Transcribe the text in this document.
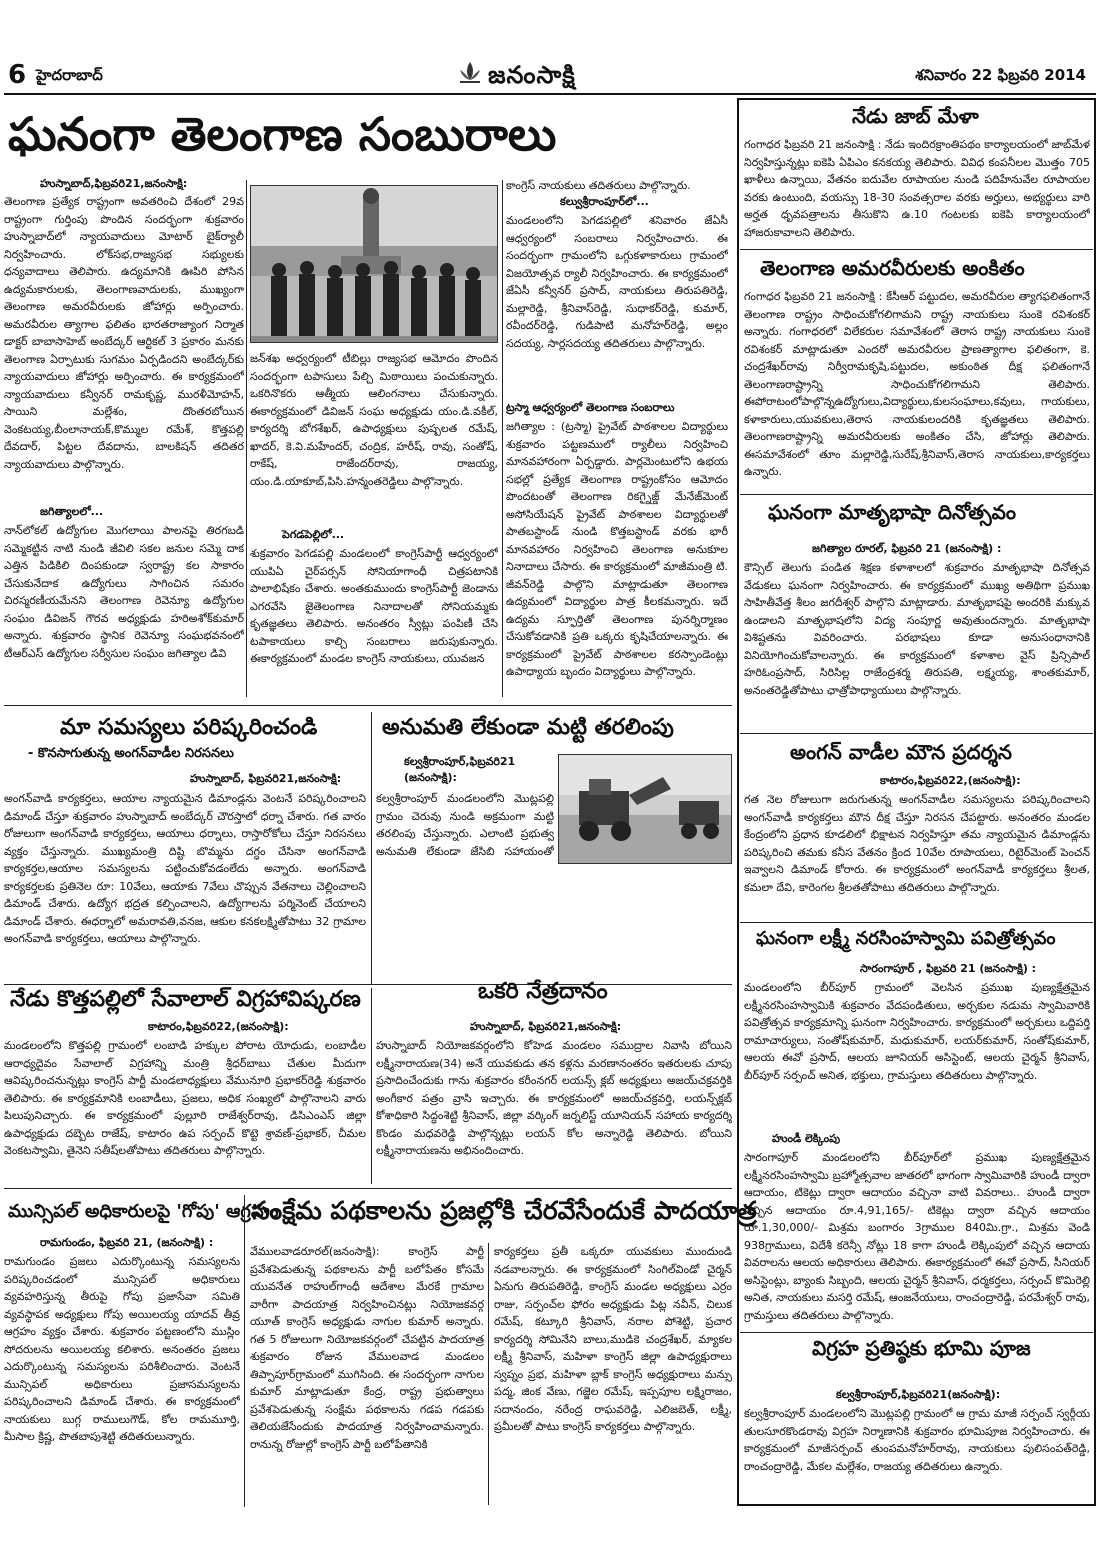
6 హైదరాబాద్	జనంసాక్షి	శనివారం 22 ఫిబ్రవరి 2014
ఘనంగా తెలంగాణ సంబురాలు
హుస్నాబాద్,ఫిబ్రవరి21,జనంసాక్షి:
తెలంగాణ ప్రత్యేక రాష్ట్రంగా అవతరించి దేశంలో 29వ రాష్ట్రంగా గుర్తింపు పొందిన సందర్భంగా శుక్రవారం హుస్నాబాద్‌లో న్యాయవాదులు మోటార్ బైక్‌ర్యాలీ నిర్వహించారు. లోక్‌సభ,రాజ్యసభ సభ్యులకు ధన్యవాదాలు తెలిపారు. ఉద్యమానికి ఊపిరి పోసిన ఉద్యమకారులకు, తెలంగాణవాదులకు, ముఖ్యంగా తెలంగాణ అమరవీరులకు జోహార్లు అర్పించారు. అమరవీరుల త్యాగాల ఫలితం భారతరాజ్యాంగ నిర్మాత డాక్టర్ బాబాసాహెబ్ అంబేద్కర్ ఆర్టికల్ 3 ప్రకారం మనకు తెలంగాణ ఏర్పాటుకు సుగమం ఏర్పడిందని అంబేద్కర్‌కు న్యాయవాదులు జోహార్లు అర్పించారు. ఈ కార్యక్రమంలో న్యాయవాదులు కన్వీనర్ రామకృష్ణ, మురళీమోహన్, సాయిని మల్లేశం, దొంతరబోయిన వెంకటయ్య,బీంలానాయక్,కొమ్ముల రమేశ్, కొత్తపల్లి దేవదార్, పిట్టల దేవదాను, బాలకిషన్ తదితర న్యాయవాదులు పాల్గొన్నారు.
జగిత్యాలలో...
నాన్‌లోకల్ ఉద్యోగుల మొగలాయి పాలనపై తిరగబడి సమ్మెకట్టిన నాటి నుండి జీవిలి సకల జనుల సమ్మె దాక ఎత్తిన పిడికిలి దింపకుండా స్వరాష్ట్ర కల సాకారం చేసుకునేదాక ఉద్యోగులు సాగించిన సమరం చిరస్మరణీయమేనని తెలంగాణ రెవెన్యూ ఉద్యోగుల సంఘం డివిజన్ గౌరవ అధ్యక్షుడు హరిఅశోక్‌కుమార్ అన్నారు. శుక్రవారం స్థానిక రెవెన్యూ సంఘభవనంలో టీఆర్ఎస్ ఉద్యోగుల సర్వీసుల సంఘం జగిత్యాల డివి
జన్‌శఖ అధ్వర్యంలో టీబిల్లు రాజ్యసభ ఆమోదం పొందిన సందర్భంగా టపాసులు పేల్చి మిఠాయిలు పంచుకున్నారు. ఒకరినొకరు ఆత్మీయ ఆలింగనాలు చేసుకున్నారు. ఈకార్యక్రమంలో డివిజన్ సంఘ అధ్యక్షుడు యం.డి.వకీల్, కార్యదర్శి బోగశేఖర్, ఉపాధ్యక్షులు పుష్పలత రమేష్, ఖాదర్, కె.వి.మహేందర్, చంద్రిక, హరీష్, రావు, సంతోష్, రాకేష్, రాజేందర్‌రావు, రాజయ్య, యం.డి.యాకూబ్,పిసి.హన్మంతరెడ్డిలు పాల్గొన్నారు.
పెగడపెల్లిలో...
శుక్రవారం పెగడపల్లి మండలంలో కాంగ్రెస్‌పార్టీ ఆధ్వర్యంలో యుపిఏ చైర్‌పర్సన్ సోనియాగాంధీ చిత్రపటానికి పాలాభిషేకం చేశారు. అంతకుముందు కాంగ్రెస్‌పార్టీ జెండాను ఎగరవేసి జైతెలంగాణ నినాదాలతో సోనియమ్మకు కృతజ్ఞతలు తెలిపారు. అనంతరం స్వీట్లు పంపిణీ చేసి టపాకాయలు కాల్చి సంబరాలు జరుపుకున్నారు. ఈకార్యక్రమంలో మండల కాంగ్రెస్ నాయకులు, యువజన
కాంగ్రెస్ నాయకులు తదితరులు పాల్గొన్నారు.
కల్వుశ్రీరాంపూర్‌లో...
మండలంలోని పెగడపల్లిలో శనివారం జేఏసీ ఆధ్వర్యంలో సంబరాలు నిర్వహించారు. ఈ సందర్భంగా గ్రామంలోని ఒగ్గుకళాకారులు గ్రామంలో విజయోత్సవ ర్యాలీ నిర్వహించారు. ఈ కార్యక్రమంలో జేఏసీ కన్వీనర్ ప్రసాద్, నాయకులు తిరుపతిరెడ్డి, మల్లారెడ్డి, శ్రీనివాస్‌రెడ్డి, సుధాకర్‌రెడ్డి, కుమార్, రవీందర్‌రెడ్డి, గుడిపాటి మనోహర్‌రెడ్డి, అల్లం సదయ్య, సార్లసదయ్య తదితరులు పాల్గొన్నారు.
ట్రస్మా ఆధ్వర్యంలో తెలంగాణ సంబరాలు
జగిత్యాల : (ట్రస్మా) ప్రైవేట్ పాఠశాలల విద్యార్థులు శుక్రవారం పట్టణములో ర్యాలీలు నిర్వహించి మానవహారంగా ఏర్పడ్డారు. పార్లమెంటులోని ఉభయ సభల్లో ప్రత్యేక తెలంగాణ రాష్ట్రంకోసం ఆమోదం పొందటంతో తెలంగాణ రికగ్నైజ్డ్ మేనేజ్‌మెంట్ అసోసియేషన్ ప్రైవేట్ పాఠశాలల విద్యార్థులతో పాతబస్టాండ్ నుండి కొత్తబస్టాండ్ వరకు భారీ మానవహారం నిర్వహించి తెలంగాణ అనుకూల నినాదాలు చేసారు. ఈ కార్యక్రమంలో మాజీమంత్రి టి. జీవన్‌రెడ్డి పాల్గొని మాట్లాడుతూ తెలంగాణ ఉద్యమంలో విద్యార్థుల పాత్ర కీలకమన్నారు. ఇదే ఉద్యమ స్ఫూర్తితో తెలంగాణ పునర్నిర్మాణం చేసుకోవడానికి ప్రతి ఒక్కరు కృషిచేయాలన్నారు. ఈ కార్యక్రమంలో ప్రైవేట్ పాఠశాలల కరస్పాండెంట్లు ఉపాధ్యాయ బృందం విద్యార్థులు పాల్గొన్నారు.
మా సమస్యలు పరిష్కరించండి
- కొనసాగుతున్న అంగన్‌వాడీల నిరసనలు
హుస్నాబాద్, ఫిబ్రవరి21,జనంసాక్షి:
అంగన్‌వాడి కార్యకర్తలు, ఆయాల న్యాయమైన డిమాండ్లను వెంటనే పరిష్కరించాలని డిమాండ్ చేస్తూ శుక్రవారం హుస్నాబాద్ అంబేద్కర్ చౌరస్తాలో ధర్నా చేశారు. గత వారం రోజులుగా అంగన్‌వాడి కార్యకర్తలు, ఆయాలు ధర్నాలు, రాస్తారోకోలు చేస్తూ నిరసనలు వ్యక్తం చేస్తున్నారు. ముఖ్యమంత్రి దిష్టి బొమ్మను దగ్ధం చేసినా అంగన్‌వాడి కార్యకర్తల,ఆయాల సమస్యలను పట్టించుకోవడంలేదు అన్నారు. అంగన్‌వాడి కార్యకర్తలకు ప్రతినెల రూ: 10వేలు, ఆయాకు 7వేలు చొప్పున వేతనాలు చెల్లించాలని డిమాండ్ చేశారు. ఉద్యోగ భద్రత కల్పించాలని, ఉద్యోగాలను పర్మినెంట్ చేయాలని డిమాండ్ చేశారు. ఈధర్నాలో అమరావతి,వనజ, ఆకుల కనకలక్ష్మితోపాటు 32 గ్రామాల అంగన్‌వాడి కార్యకర్తలు, ఆయాలు పాల్గొన్నారు.
అనుమతి లేకుండా మట్టి తరలింపు
కల్వశ్రీరాంపూర్,ఫిబ్రవరి21 (జనంసాక్షి):
కల్వశ్రీరాంపూర్ మండలంలోని మొట్లపల్లి గ్రామం చెరువు నుండి అక్రమంగా మట్టి తరలింపు చేస్తున్నారు. ఎలాంటి ప్రభుత్వ అనుమతి లేకుండా జేసిబి సహాయంతో
నేడు కొత్తపల్లిలో సేవాలాల్ విగ్రహావిష్కరణ
కాటారం,ఫిబ్రవరి22,(జనంసాక్షి):
మండలంలోని కొత్తపల్లి గ్రామంలో లంబాడి హక్కుల పోరాట యోధుడు, లంబాడీల ఆరాధ్యదైవం సేవాలాల్ విగ్రహాన్ని మంత్రి శ్రీధర్‌బాబు చేతుల మీదుగా ఆవిష్కరించనున్నట్లు కాంగ్రెస్ పార్టీ మండలాధ్యక్షులు వేమునూరి ప్రభాకర్‌రెడ్డి శుక్రవారం తెలిపారు. ఈ కార్యక్రమానికి లంబాడీలు, ప్రజలు, అధిక సంఖ్యలో పాల్గొనాలని వారు పిలుపునిచ్చారు. ఈ కార్యక్రమంలో పుల్లూరి రాజేశ్వర్‌రావు, డిసిఎంఎస్ జిల్లా ఉపాధ్యక్షుడు దబ్బెట రాజేష్, కాటారం ఉప సర్పంచ్ కొట్టె శ్రావణ్-ప్రభాకర్, చీమల వెంకటస్వామి, తైనెని సతీష్‌లతోపాటు తదితరులు పాల్గొన్నారు.
ఒకరి నేత్రదానం
హుస్నాబాద్, ఫిబ్రవరి21,జనంసాక్షి:
హుస్నాబాద్ నియోజకవర్గంలోని కోహెడ మండలం సముద్రాల నివాసి బోయిని లక్ష్మీనారాయణ(34) అనే యువకుడు తన కళ్లను మరణానంతరం ఇతరులకు చూపు ప్రసాదించేందుకు గాను శుక్రవారం కరీంనగర్ లయన్స్ క్లబ్ అధ్యక్షులు అజయ్‌చక్రవర్తికి అంగీకార పత్రం వ్రాసి ఇచ్చారు. ఈ కార్యక్రమంలో అజయ్‌చక్రవర్తి, లయన్స్‌క్లబ్ కోశాధికారి సిద్ధంశెట్టి శ్రీనివాస్, జిల్లా వర్కింగ్ జర్నలిస్ట్ యూనియన్ సహాయ కార్యదర్శి కొండం మధవరెడ్డి పాల్గొన్నట్లు లయన్ కోల అన్నారెడ్డి తెలిపారు. బోయిని లక్ష్మీనారాయణను అభినందించారు.
మున్సిపల్ అధికారులపై 'గోపు' ఆగ్రహం
రామగుండం, ఫిబ్రవరి 21, (జనంసాక్షి) :
రామగుండం ప్రజలు ఎదుర్కొంటున్న సమస్యలను పరిష్కరించడంలో మున్సిపల్ అధికారులు వ్యవహరిస్తున్న తీరుపై గోపు ప్రజాసేవా సమితి వ్యవస్థాపక అధ్యక్షులు గోపు అయిలయ్య యాదవ్ తీవ్ర ఆగ్రహం వ్యక్తం చేశారు. శుక్రవారం పట్టణంలోని ముస్లిం సోదరులను అయిలయ్య కలిశారు. అనంతరం ప్రజలు ఎదుర్కొంటున్న సమస్యలను పరిశీలించారు. వెంటనే మున్సిపల్ అధికారులు ప్రజాసమస్యలను పరిష్కరించాలని డిమాండ్ చేశారు. ఈ కార్యక్రమంలో నాయకులు బుగ్గ రాములుగౌడ్, కోల రామమూర్తి, మీసాల క్రిష్ణ, పొతబాపుశెట్టి తదితరులున్నారు.
సంక్షేమ పథకాలను ప్రజల్లోకి చేరవేసేందుకే పాదయాత్ర
వేములవాడరూరల్(జనంసాక్షి): కాంగ్రెస్ పార్టీ ప్రవేశపెడుతున్న పథకాలను పార్టీ బలోపేతం కోసమే యువనేత రాహుల్‌గాంధీ ఆదేశాల మేరకే గ్రామాల వారీగా పాదయాత్ర నిర్వహించినట్లు నియోజకవర్గ యూత్ కాంగ్రెస్ అధ్యక్షుడు నాగుల కుమార్ అన్నారు. గత 5 రోజులుగా నియోజకవర్గంలో చేపట్టిన పాదయాత్ర శుక్రవారం రోజున వేములవాడ మండలం తిప్పాపూర్‌గ్రామంలో ముగిసింది. ఈ సందర్భంగా నాగుల కుమార్ మాట్లాడుతూ కేంద్ర, రాష్ట్ర ప్రభుత్వాలు ప్రవేశపెడుతున్న సంక్షేమ పథకాలను గడప గడపకు తెలియజేసేందుకు పాదయాత్ర నిర్వహించామన్నారు. రానున్న రోజుల్లో కాంగ్రెస్ పార్టీ బలోపేతానికి
కార్యకర్తలు ప్రతీ ఒక్కరూ యువకులు ముందుండి నడవాలన్నారు. ఈ కార్యక్రమంలో సింగిల్‌విండో చైర్మన్ ఏనుగు తిరుపతిరెడ్డి, కాంగ్రెస్ మండల అధ్యక్షులు ఎర్రం రాజు, సర్పంచ్‌ల ఫోరం అధ్యక్షుడు పిట్ల నవీన్, చిలుక రమేష్, కట్కూరి శ్రీనివాస్, నరాల పోశెట్టి, ప్రచార కార్యదర్శి సోమినేని బాలు,ముడికె చంద్రశేఖర్, మ్యాకల లక్ష్మీ శ్రీనివాస్, మహిళా కాంగ్రెస్ జిల్లా ఉపాధ్యక్షురాలు స్వప్నం ప్రభ, మహిళా బ్లాక్ కాంగ్రెస్ అధ్యక్షురాలు మన్సు పద్మ, జింక వేణు, గజ్జెల రమేష్, ఇప్పపూల లక్ష్మిరాజం, సదానందం, నరేంద్ర రాఘవరెడ్డి, ఎలిజబెత్, లక్ష్మీ, ప్రమీలతో పాటు కాంగ్రెస్ కార్యకర్తలు పాల్గొన్నారు.
నేడు జాబ్ మేళా
గంగాధర ఫిబ్రవరి 21 జనంసాక్షి : నేడు ఇందిరక్రాంతిపథం కార్యాలయంలో జాబ్‌మేళ నిర్వహిస్తున్నట్లు ఐకెపి ఏపిఎం కనకయ్య తెలిపారు. వివిధ కంపనీలల మొత్తం 705 ఖాళీలు ఉన్నాయి, వేతనం ఐదువేల రూపాయల నుండి పదిహేనువేల రూపాయల వరకు ఉంటుంది, వయస్సు 18-30 సంవత్సరాల వరకు అర్హులు, అభ్యర్థులు వారి అర్హత ధృవపత్రాలను తీసుకొని ఉ.10 గంటలకు ఐకెపి కార్యాలయంలో హాజరుకావాలని తెలిపారు.
తెలంగాణ అమరవీరులకు అంకితం
గంగాధర ఫిబ్రవరి 21 జనంసాక్షి : కేసీఆర్ పట్టుదల, అమరవీరుల త్యాగఫలితంగానే తెలంగాణ రాష్ట్రం సాధించుకోగలిగామని రాష్ట్ర నాయకులు సుంకె రవిశంకర్ అన్నారు. గంగాధరలో విలేకరుల సమావేశంలో తెరాస రాష్ట్ర నాయకులు సుంకె రవిశంకర్ మాట్లాడుతూ ఎందరో అమరవీరుల ప్రాణత్యాగాల ఫలితంగా, కె. చంద్రశేఖర్‌రావు నిర్వీరామకృషి,పట్టుదల, అకుంఠిత దీక్ష ఫలితంగానే తెలంగాణరాష్ట్రాన్ని సాధించుకోగలిగామని తెలిపారు. ఈపోరాటంలోపాల్గొన్నఉద్యోగులు,విద్యార్థులు,కులసంఘాలు,కవులు, గాయకులు, కళాకారులు,యువకులు,తెరాస నాయకులందరికి కృతజ్ఞతలు తెలిపారు. తెలంగాణరాష్ట్రాన్ని అమరవీరులకు అంకితం చేసి, జోహార్లు తెలిపారు. ఈసమావేశంలో తూం మల్లారెడ్డి,సురేష్,శ్రీనివాస్,తెరాస నాయకులు,కార్యకర్తలు ఉన్నారు.
ఘనంగా మాతృభాషా దినోత్సవం
జగిత్యాల రూరల్, ఫిబ్రవరి 21 (జనంసాక్షి) :
కౌన్సిల్ తెలుగు పండిత శిక్షణ కళాశాలలో శుక్రవారం మాతృభాషా దినోత్సవ వేడుకలు ఘనంగా నిర్వహించారు. ఈ కార్యక్రమంలో ముఖ్య అతిథిగా ప్రముఖ సాహితీవేత్త శీలం జగదీశ్వర్ పాల్గొని మాట్లాడారు. మాతృభాషపై అందరికి మక్కువ ఉండాలని మాతృభాషలోని విద్య సంపూర్ణ అవుతుందన్నారు. మాతృభాషా విశిష్టతను వివరించారు. పరభాషలు కూడా అనుసంధానానికి వినియోగించుకోవాలన్నారు. ఈ కార్యక్రమంలో కళాశాల వైస్ ప్రిన్సిపాల్ హరి‌ఓంప్రసాద్, సిరిసిల్ల రాజేంద్రశర్మ తిరుపతి, లక్ష్మయ్య, శాంతకుమార్, అనంతరెడ్డితోపాటు ఛాత్రోపాధ్యాయులు పాల్గొన్నారు.
అంగన్ వాడీల మౌన ప్రదర్శన
కాటారం,ఫిబ్రవరి22,(జనంసాక్షి):
గత నెల రోజులుగా జరుగుతున్న అంగన్‌వాడీల సమస్యలను పరిష్కరించాలని అంగన్‌వాడీ కార్యకర్తలు మౌన దీక్ష చేస్తూ నిరసన చేపట్టారు. అనంతరం మండల కేంద్రంలోని ప్రధాన కూడలిలో భిక్షాటన నిర్వహిస్తూ తమ న్యాయమైన డిమాండ్లను పరిష్కరించి తమకు కనీస వేతనం క్రింద 10వేల రూపాయలు, రిటైర్‌మెంట్ పెంచన్ ఇవ్వాలని డిమాండ్ కోరారు. ఈ కార్యక్రమంలో అంగన్‌వాడీ కార్యకర్తలు శ్రీలత, కమలా దేవి, కారెంగల శ్రీలతతోపాటు తదితరులు పాల్గొన్నారు.
ఘనంగా లక్ష్మీ నరసింహస్వామి పవిత్రోత్సవం
సారంగాపూర్ , ఫిబ్రవరి 21 (జనంసాక్షి) :
మండలంలోని బీర్‌పూర్ గ్రామంలో వెలసిన ప్రముఖ పుణ్యక్షేత్రమైన లక్ష్మీనరసింహస్వామికి శుక్రవారం వేదపండితులు, అర్చకుల నడుమ స్వామివారికి పవిత్రోత్సవ కార్యక్రమాన్ని ఘనంగా నిర్వహించారు. కార్యక్రమంలో అర్చకులు ఒద్దిపర్తి రామాచార్యులు, సంతోష్‌కుమార్, మధుకుమార్, లయర్‌కుమార్, సంతోష్‌కుమార్, ఆలయ ఈవో ప్రసాద్, ఆలయ జూనియర్ అసిస్టెంట్, ఆలయ చైర్మన్ శ్రీనివాస్, బీర్‌పూర్ సర్పంచ్ అనిత, భక్తులు, గ్రామస్తులు తదితరులు పాల్గొన్నారు.
హుండీ లెక్కింపు
సారంగాపూర్ మండలంలోని బీర్‌పూర్‌లో ప్రముఖ పుణ్యక్షేత్రమైన లక్ష్మీనరసింహస్వామి బ్రహ్మోత్సవాల జాతరలో భాగంగా స్వామివారికి హుండీ ద్వారా ఆదాయం, టికెట్లు ద్వారా ఆదాయం వచ్చినా వాటి వివరాలు.. హుండీ ద్వారా వచ్చిన ఆదాయం రూ.4,91,165/- టికెట్లు ద్వారా వచ్చిన ఆదాయం రూ.1,30,000/- మిశ్రమ బంగారం 3గ్రాముల 840మి.గ్రా., మిశ్రమ వెండి 938గ్రాములు, విదేశీ కరెన్సీ నోట్లు 18 కాగా హుండీ లెక్కింపులో వచ్చిన ఆదాయ వివరాలను ఆలయ అధికారులు తెలిపారు. ఈకార్యక్రమంలో ఈవో ప్రసాద్, సీనియర్ అసిస్టెంట్లు, బ్యాంకు సిబ్బంది, ఆలయ చైర్మన్ శ్రీనివాస్, ధర్మకర్తలు, సర్పంచ్ కొమిరెల్లి అనిత, నాయకులు మసర్తి రమేష్, ఆంజనేయులు, రాంచంద్రారెడ్డి, పరమేశ్వర్ రావు, గ్రామస్తులు తదితరులు పాల్గొన్నారు.
విగ్రహ ప్రతిష్ఠకు భూమి పూజ
కల్వశ్రీరాంపూర్,ఫిబ్రవరి21(జనంసాక్షి):
కల్వశ్రీరాంపూర్ మండలంలోని మొట్లపల్లి గ్రామంలో ఆ గ్రామ మాజీ సర్పంచ్ స్వర్గీయ తులసూరకొండరావు విగ్రహ నిర్మాణానికి శుక్రవారం భూమిపూజ నిర్వహించారు. ఈ కార్యక్రమంలో మాజీసర్పంచ్ తుంపమనోహర్‌రావు, నాయకులు పులిసంపత్‌రెడ్డి, రాంచంద్రారెడ్డి, మేకల మల్లేశం, రాజయ్య తదితరులు ఉన్నారు.
